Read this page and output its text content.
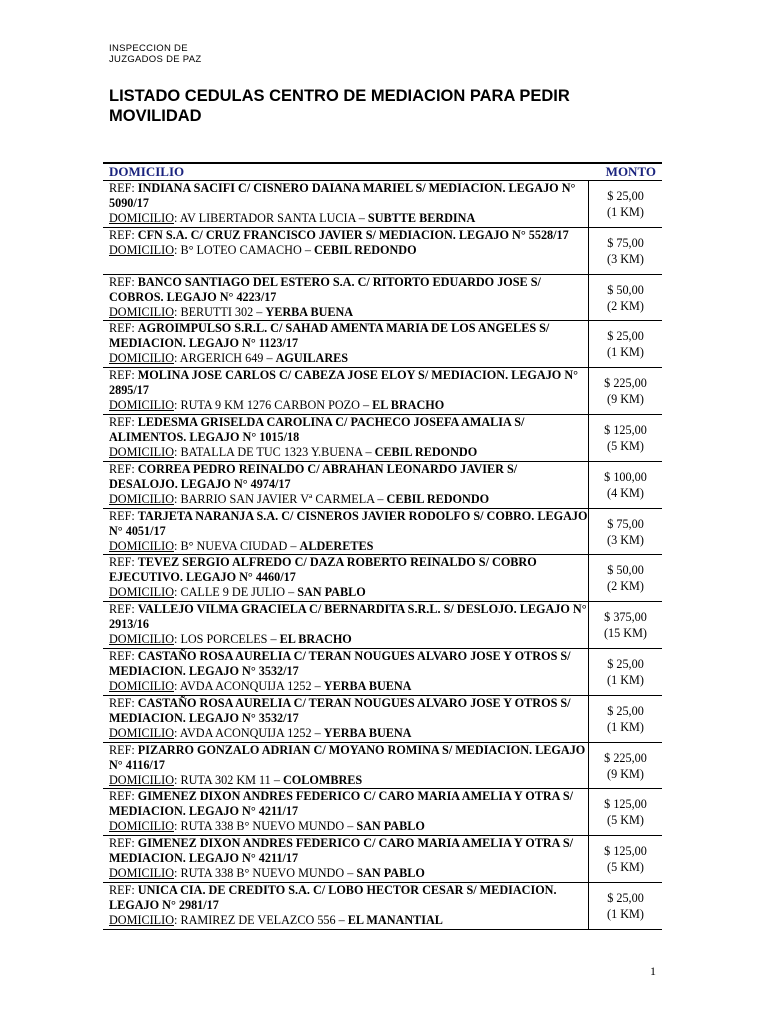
INSPECCION DE
JUZGADOS DE PAZ
LISTADO CEDULAS CENTRO DE MEDIACION PARA PEDIR MOVILIDAD
DOMICILIO	MONTO
REF: INDIANA SACIFI C/ CISNERO DAIANA MARIEL S/ MEDIACION. LEGAJO N° 5090/17
DOMICILIO: AV LIBERTADOR SANTA LUCIA – SUBTTE BERDINA
$ 25,00
(1 KM)
REF: CFN S.A. C/ CRUZ FRANCISCO JAVIER S/ MEDIACION. LEGAJO N° 5528/17
DOMICILIO: B° LOTEO CAMACHO – CEBIL REDONDO	$ 75,00
(3 KM)
REF: BANCO SANTIAGO DEL ESTERO S.A. C/ RITORTO EDUARDO JOSE S/ COBROS. LEGAJO N° 4223/17
DOMICILIO: BERUTTI 302 – YERBA BUENA
$ 50,00
(2 KM)
REF: AGROIMPULSO S.R.L. C/ SAHAD AMENTA MARIA DE LOS ANGELES S/ MEDIACION. LEGAJO N° 1123/17
DOMICILIO: ARGERICH 649 – AGUILARES
$ 25,00
(1 KM)
REF: MOLINA JOSE CARLOS C/ CABEZA JOSE ELOY S/ MEDIACION. LEGAJO N° 2895/17
DOMICILIO: RUTA 9 KM 1276 CARBON POZO – EL BRACHO
$ 225,00
(9 KM)
REF: LEDESMA GRISELDA CAROLINA C/ PACHECO JOSEFA AMALIA S/ ALIMENTOS. LEGAJO N° 1015/18
DOMICILIO: BATALLA DE TUC 1323 Y.BUENA – CEBIL REDONDO
$ 125,00
(5 KM)
REF: CORREA PEDRO REINALDO C/ ABRAHAN LEONARDO JAVIER S/ DESALOJO. LEGAJO N° 4974/17
DOMICILIO: BARRIO SAN JAVIER Vª CARMELA – CEBIL REDONDO
$ 100,00
(4 KM)
REF: TARJETA NARANJA S.A. C/ CISNEROS JAVIER RODOLFO S/ COBRO. LEGAJO N° 4051/17
DOMICILIO: B° NUEVA CIUDAD – ALDERETES
$ 75,00
(3 KM)
REF: TEVEZ SERGIO ALFREDO C/ DAZA ROBERTO REINALDO S/ COBRO EJECUTIVO. LEGAJO N° 4460/17
DOMICILIO: CALLE 9 DE JULIO – SAN PABLO
$ 50,00
(2 KM)
REF: VALLEJO VILMA GRACIELA C/ BERNARDITA S.R.L. S/ DESLOJO. LEGAJO N° 2913/16
DOMICILIO: LOS PORCELES – EL BRACHO
$ 375,00
(15 KM)
REF: CASTAÑO ROSA AURELIA C/ TERAN NOUGUES ALVARO JOSE Y OTROS S/ MEDIACION. LEGAJO N° 3532/17
DOMICILIO: AVDA ACONQUIJA 1252 – YERBA BUENA
$ 25,00
(1 KM)
REF: CASTAÑO ROSA AURELIA C/ TERAN NOUGUES ALVARO JOSE Y OTROS S/ MEDIACION. LEGAJO N° 3532/17
DOMICILIO: AVDA ACONQUIJA 1252 – YERBA BUENA
$ 25,00
(1 KM)
REF: PIZARRO GONZALO ADRIAN C/ MOYANO ROMINA S/ MEDIACION. LEGAJO N° 4116/17
DOMICILIO: RUTA 302 KM 11 – COLOMBRES
$ 225,00
(9 KM)
REF: GIMENEZ DIXON ANDRES FEDERICO C/ CARO MARIA AMELIA Y OTRA S/ MEDIACION. LEGAJO N° 4211/17
DOMICILIO: RUTA 338 B° NUEVO MUNDO – SAN PABLO
$ 125,00
(5 KM)
REF: GIMENEZ DIXON ANDRES FEDERICO C/ CARO MARIA AMELIA Y OTRA S/ MEDIACION. LEGAJO N° 4211/17
DOMICILIO: RUTA 338 B° NUEVO MUNDO – SAN PABLO
$ 125,00
(5 KM)
REF: UNICA CIA. DE CREDITO S.A. C/ LOBO HECTOR CESAR S/ MEDIACION. LEGAJO N° 2981/17
DOMICILIO: RAMIREZ DE VELAZCO 556 – EL MANANTIAL
$ 25,00
(1 KM)
1
